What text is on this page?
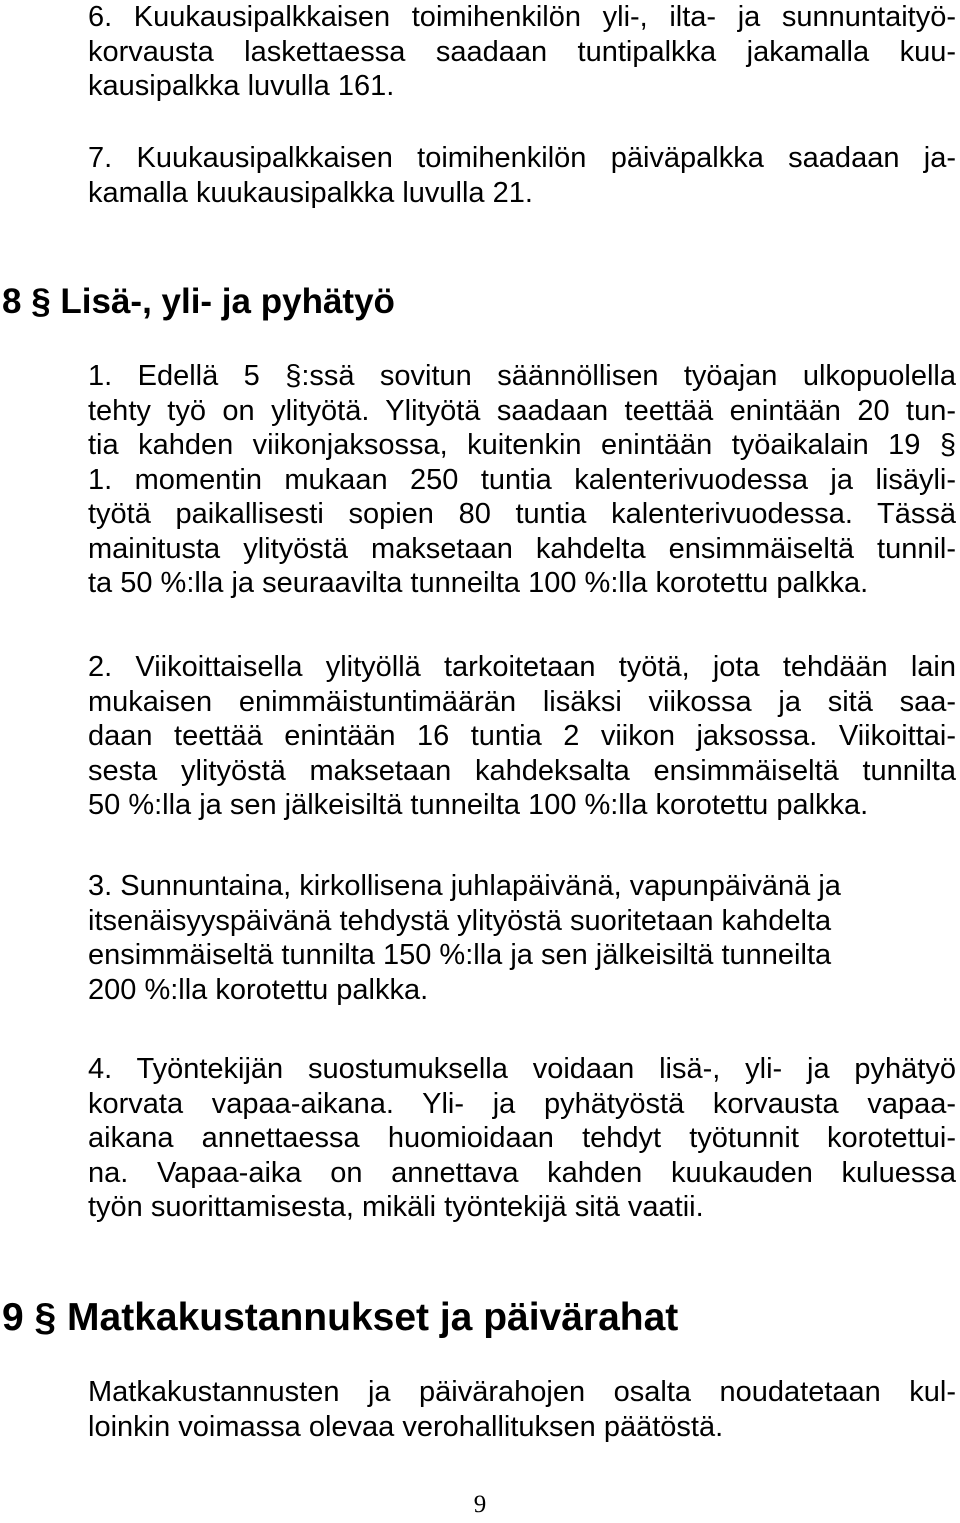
6. Kuukausipalkkaisen toimihenkilön yli-, ilta- ja sunnuntaityö-
korvausta laskettaessa saadaan tuntipalkka jakamalla kuu-
kausipalkka luvulla 161.
7. Kuukausipalkkaisen toimihenkilön päiväpalkka saadaan ja-
kamalla kuukausipalkka luvulla 21.
8 § Lisä-, yli- ja pyhätyö
1. Edellä 5 §:ssä sovitun säännöllisen työajan ulkopuolella
tehty työ on ylityötä. Ylityötä saadaan teettää enintään 20 tun-
tia kahden viikonjaksossa, kuitenkin enintään työaikalain 19 §
1. momentin mukaan 250 tuntia kalenterivuodessa ja lisäyli-
työtä paikallisesti sopien 80 tuntia kalenterivuodessa. Tässä
mainitusta ylityöstä maksetaan kahdelta ensimmäiseltä tunnil-
ta 50 %:lla ja seuraavilta tunneilta 100 %:lla korotettu palkka.
2. Viikoittaisella ylityöllä tarkoitetaan työtä, jota tehdään lain
mukaisen enimmäistuntimäärän lisäksi viikossa ja sitä saa-
daan teettää enintään 16 tuntia 2 viikon jaksossa. Viikoittai-
sesta ylityöstä maksetaan kahdeksalta ensimmäiseltä tunnilta
50 %:lla ja sen jälkeisiltä tunneilta 100 %:lla korotettu palkka.
3. Sunnuntaina, kirkollisena juhlapäivänä, vapunpäivänä ja
itsenäisyyspäivänä tehdystä ylityöstä suoritetaan kahdelta
ensimmäiseltä tunnilta 150 %:lla ja sen jälkeisiltä tunneilta
200 %:lla korotettu palkka.
4. Työntekijän suostumuksella voidaan lisä-, yli- ja pyhätyö
korvata vapaa-aikana. Yli- ja pyhätyöstä korvausta vapaa-
aikana annettaessa huomioidaan tehdyt työtunnit korotettui-
na. Vapaa-aika on annettava kahden kuukauden kuluessa
työn suorittamisesta, mikäli työntekijä sitä vaatii.
9 § Matkakustannukset ja päivärahat
Matkakustannusten ja päivärahojen osalta noudatetaan kul-
loinkin voimassa olevaa verohallituksen päätöstä.
9
